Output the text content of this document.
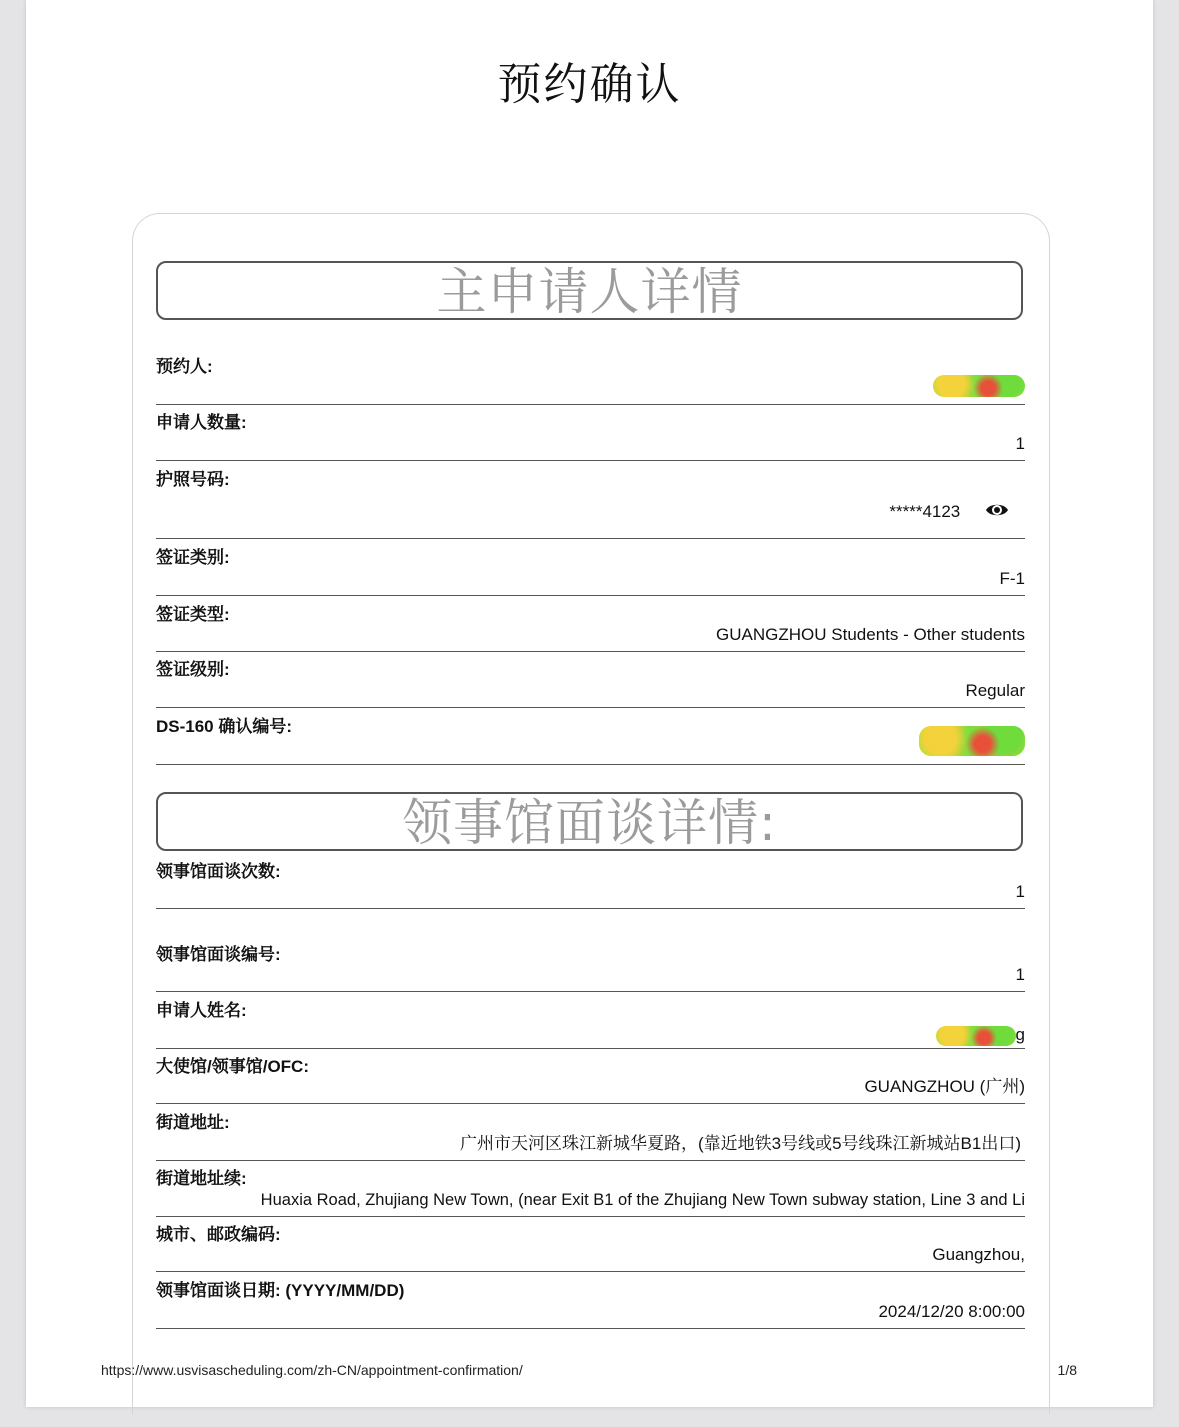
预约确认
主申请人详情
预约人:
申请人数量:
1
护照号码:
*****4123
签证类别:
F-1
签证类型:
GUANGZHOU Students - Other students
签证级别:
Regular
DS-160 确认编号:
领事馆面谈详情:
领事馆面谈次数:
1
领事馆面谈编号:
1
申请人姓名:
g
大使馆/领事馆/OFC:
GUANGZHOU (广州)
街道地址:
广州市天河区珠江新城华夏路，(靠近地铁3号线或5号线珠江新城站B1出口)
街道地址续:
Huaxia Road, Zhujiang New Town, (near Exit B1 of the Zhujiang New Town subway station, Line 3 and Li
城市、邮政编码:
Guangzhou,
领事馆面谈日期: (YYYY/MM/DD)
2024/12/20 8:00:00
https://www.usvisascheduling.com/zh-CN/appointment-confirmation/	1/8
